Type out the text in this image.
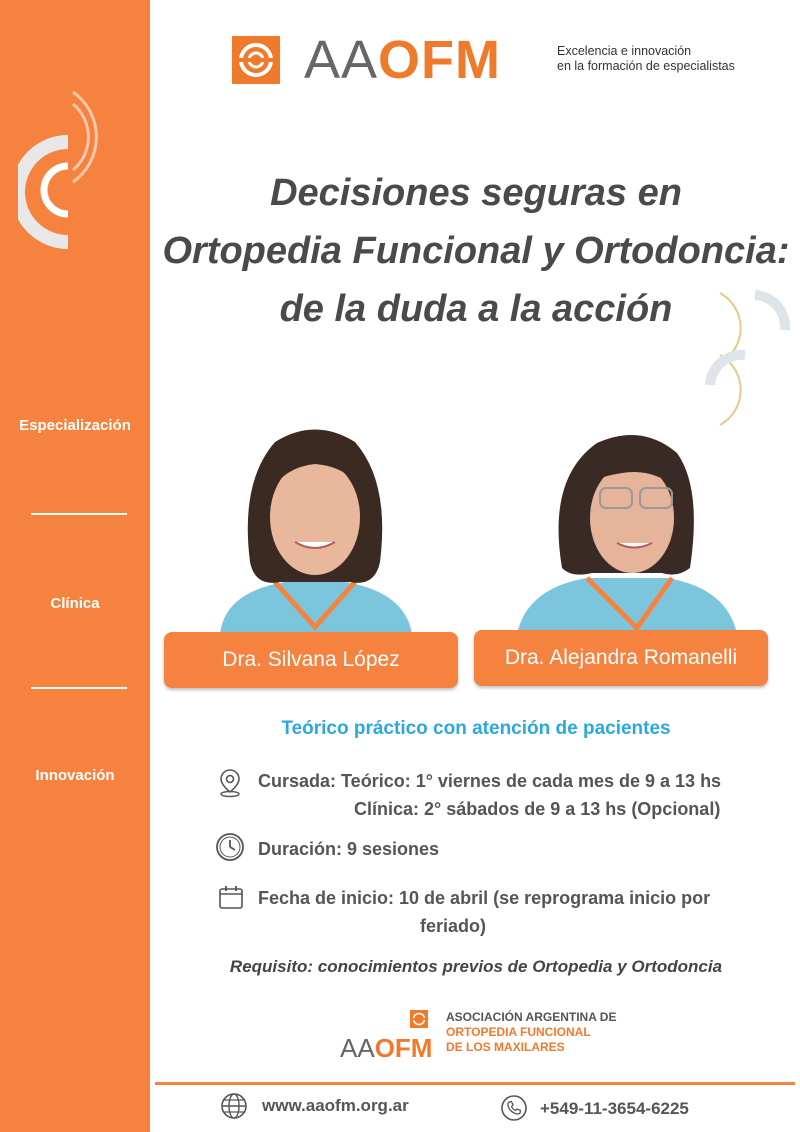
Especialización
Clínica
Innovación
AAOFM	Excelencia e innovación
en la formación de especialistas
Decisiones seguras en
Ortopedia Funcional y Ortodoncia:
de la duda a la acción
Dra. Silvana López	Dra. Alejandra Romanelli
Teórico práctico con atención de pacientes
Cursada: Teórico: 1° viernes de cada mes de 9 a 13 hs
Clínica: 2° sábados de 9 a 13 hs (Opcional)
Duración: 9 sesiones
Fecha de inicio: 10 de abril (se reprograma inicio por
feriado)
Requisito: conocimientos previos de Ortopedia y Ortodoncia
AAOFM
ASOCIACIÓN ARGENTINA DE
ORTOPEDIA FUNCIONAL
DE LOS MAXILARES
www.aaofm.org.ar	+549-11-3654-6225
